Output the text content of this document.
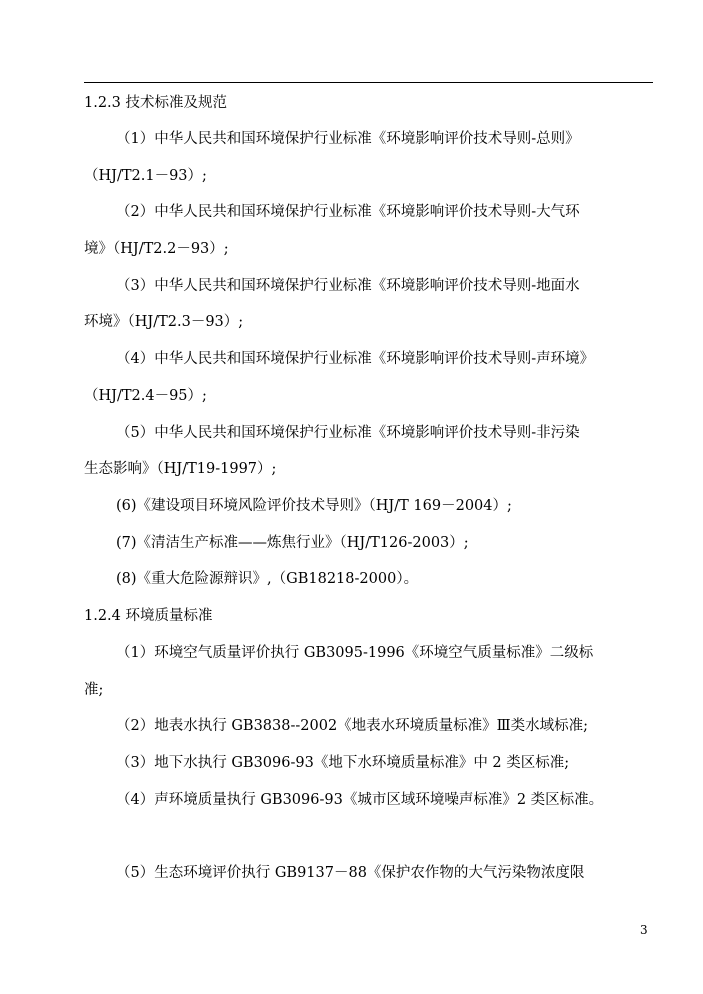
1.2.3 技术标准及规范
（1）中华人民共和国环境保护行业标准《环境影响评价技术导则-总则》
（HJ/T2.1－93）;
（2）中华人民共和国环境保护行业标准《环境影响评价技术导则-大气环
境》（HJ/T2.2－93）;
（3）中华人民共和国环境保护行业标准《环境影响评价技术导则-地面水
环境》（HJ/T2.3－93）;
（4）中华人民共和国环境保护行业标准《环境影响评价技术导则-声环境》
（HJ/T2.4－95）;
（5）中华人民共和国环境保护行业标准《环境影响评价技术导则-非污染
生态影响》（HJ/T19-1997）;
(6)《建设项目环境风险评价技术导则》（HJ/T 169－2004）;
(7)《清洁生产标准——炼焦行业》（HJ/T126-2003）;
(8)《重大危险源辩识》,（GB18218-2000）。
1.2.4 环境质量标准
（1）环境空气质量评价执行 GB3095-1996《环境空气质量标准》二级标
准;
（2）地表水执行 GB3838--2002《地表水环境质量标准》Ⅲ类水域标准;
（3）地下水执行 GB3096-93《地下水环境质量标准》中 2 类区标准;
（4）声环境质量执行 GB3096-93《城市区域环境噪声标准》2 类区标准。
（5）生态环境评价执行 GB9137－88《保护农作物的大气污染物浓度限
3
